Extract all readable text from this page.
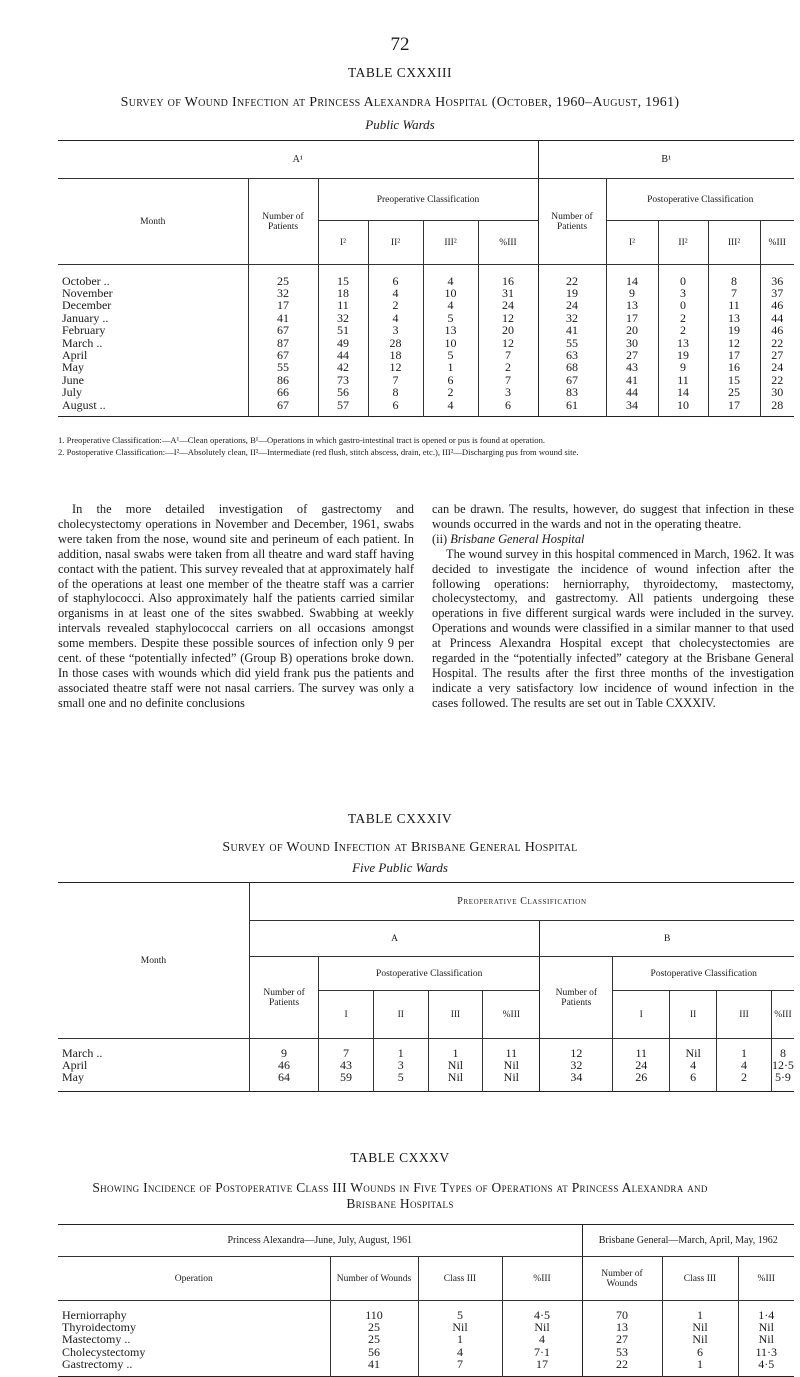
72
TABLE CXXXIII
Survey of Wound Infection at Princess Alexandra Hospital (October, 1960–August, 1961)
Public Wards
A¹						B¹				
Month	Number of Patients	Preoperative Classification				Number of Patients	Postoperative Classification			
		I²	II²	III²	%III		I²	II²	III²	%III

October ..	25	15	6	4	16	22	14	0	8	36
November	32	18	4	10	31	19	9	3	7	37
December	17	11	2	4	24	24	13	0	11	46
January ..	41	32	4	5	12	32	17	2	13	44
February	67	51	3	13	20	41	20	2	19	46
March ..	87	49	28	10	12	55	30	13	12	22
April	67	44	18	5	7	63	27	19	17	27
May	55	42	12	1	2	68	43	9	16	24
June	86	73	7	6	7	67	41	11	15	22
July	66	56	8	2	3	83	44	14	25	30
August ..	67	57	6	4	6	61	34	10	17	28

1. Preoperative Classification:—A¹—Clean operations, B¹—Operations in which gastro-intestinal tract is opened or pus is found at operation.
2. Postoperative Classification:—I²—Absolutely clean, II²—Intermediate (red flush, stitch abscess, drain, etc.), III²—Discharging pus from wound site.

In the more detailed investigation of gastrectomy and cholecystectomy operations in November and December, 1961, swabs were taken from the nose, wound site and perineum of each patient. In addition, nasal swabs were taken from all theatre and ward staff having contact with the patient. This survey revealed that at approximately half of the operations at least one member of the theatre staff was a carrier of staphylococci. Also approximately half the patients carried similar organisms in at least one of the sites swabbed. Swabbing at weekly intervals revealed staphylococcal carriers on all occasions amongst some members. Despite these possible sources of infection only 9 per cent. of these “potentially infected” (Group B) operations broke down. In those cases with wounds which did yield frank pus the patients and associated theatre staff were not nasal carriers. The survey was only a small one and no definite conclusions

can be drawn. The results, however, do suggest that infection in these wounds occurred in the wards and not in the operating theatre.

(ii) Brisbane General Hospital

The wound survey in this hospital commenced in March, 1962. It was decided to investigate the incidence of wound infection after the following operations: herniorraphy, thyroidectomy, mastectomy, cholecystectomy, and gastrectomy. All patients undergoing these operations in five different surgical wards were included in the survey. Operations and wounds were classified in a similar manner to that used at Princess Alexandra Hospital except that cholecystectomies are regarded in the “potentially infected” category at the Brisbane General Hospital. The results after the first three months of the investigation indicate a very satisfactory low incidence of wound infection in the cases followed. The results are set out in Table CXXXIV.

TABLE CXXXIV
Survey of Wound Infection at Brisbane General Hospital
Five Public Wards
Month	Preoperative Classification									
	A					B				
	Number of Patients	Postoperative Classification				Number of Patients	Postoperative Classification			
		I	II	III	%III		I	II	III	%III

March ..	9	7	1	1	11	12	11	Nil	1	8
April	46	43	3	Nil	Nil	32	24	4	4	12·5
May	64	59	5	Nil	Nil	34	26	6	2	5·9

TABLE CXXXV
Showing Incidence of Postoperative Class III Wounds in Five Types of Operations at Princess Alexandra and
Brisbane Hospitals
Princess Alexandra—June, July, August, 1961				Brisbane General—March, April, May, 1962		
Operation	Number of Wounds	Class III	%III	Number of Wounds	Class III	%III

Herniorraphy	110	5	4·5	70	1	1·4
Thyroidectomy	25	Nil	Nil	13	Nil	Nil
Mastectomy ..	25	1	4	27	Nil	Nil
Cholecystectomy	56	4	7·1	53	6	11·3
Gastrectomy ..	41	7	17	22	1	4·5
